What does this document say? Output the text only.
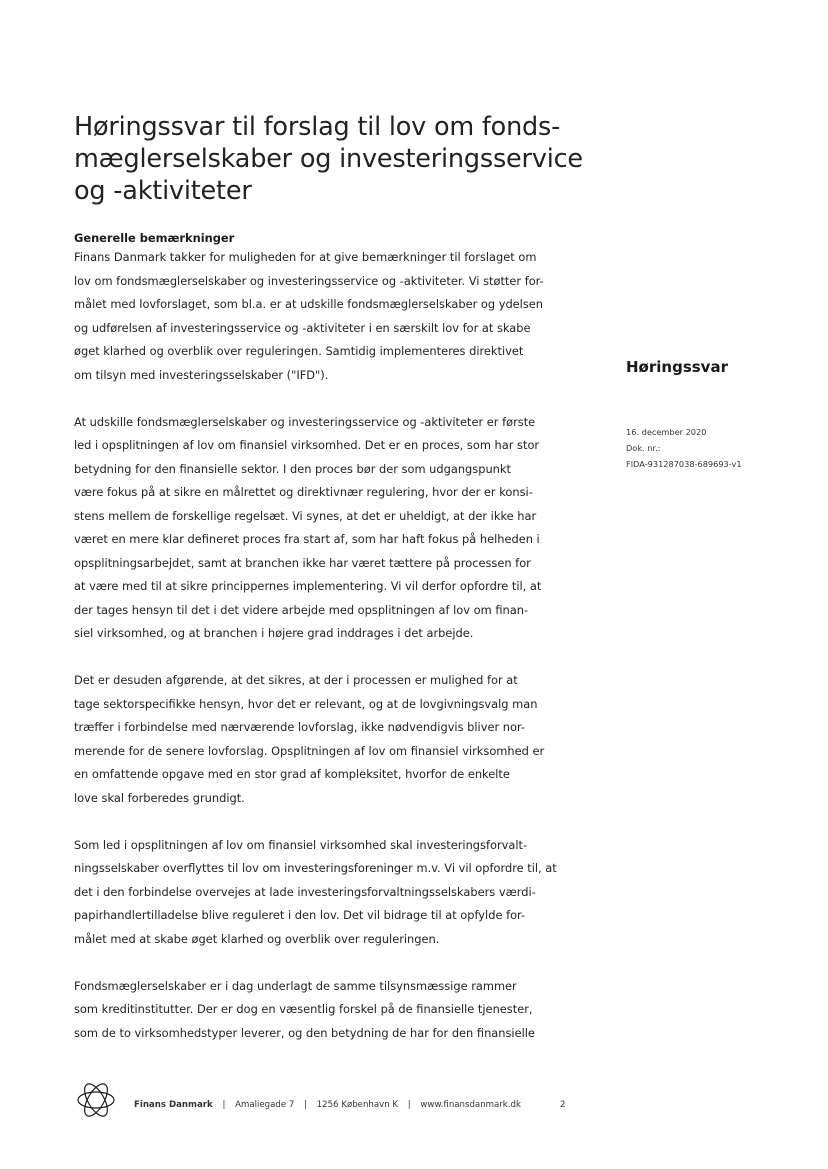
Høringssvar til forslag til lov om fonds-
mæglerselskaber og investeringsservice
og -aktiviteter

Generelle bemærkninger

Finans Danmark takker for muligheden for at give bemærkninger til forslaget om
lov om fondsmæglerselskaber og investeringsservice og -aktiviteter. Vi støtter for-
målet med lovforslaget, som bl.a. er at udskille fondsmæglerselskaber og ydelsen
og udførelsen af investeringsservice og -aktiviteter i en særskilt lov for at skabe
øget klarhed og overblik over reguleringen. Samtidig implementeres direktivet
om tilsyn med investeringsselskaber ("IFD").

At udskille fondsmæglerselskaber og investeringsservice og -aktiviteter er første
led i opsplitningen af lov om finansiel virksomhed. Det er en proces, som har stor
betydning for den finansielle sektor. I den proces bør der som udgangspunkt
være fokus på at sikre en målrettet og direktivnær regulering, hvor der er konsi-
stens mellem de forskellige regelsæt. Vi synes, at det er uheldigt, at der ikke har
været en mere klar defineret proces fra start af, som har haft fokus på helheden i
opsplitningsarbejdet, samt at branchen ikke har været tættere på processen for
at være med til at sikre princippernes implementering. Vi vil derfor opfordre til, at
der tages hensyn til det i det videre arbejde med opsplitningen af lov om finan-
siel virksomhed, og at branchen i højere grad inddrages i det arbejde.

Det er desuden afgørende, at det sikres, at der i processen er mulighed for at
tage sektorspecifikke hensyn, hvor det er relevant, og at de lovgivningsvalg man
træffer i forbindelse med nærværende lovforslag, ikke nødvendigvis bliver nor-
merende for de senere lovforslag. Opsplitningen af lov om finansiel virksomhed er
en omfattende opgave med en stor grad af kompleksitet, hvorfor de enkelte
love skal forberedes grundigt.

Som led i opsplitningen af lov om finansiel virksomhed skal investeringsforvalt-
ningsselskaber overflyttes til lov om investeringsforeninger m.v. Vi vil opfordre til, at
det i den forbindelse overvejes at lade investeringsforvaltningsselskabers værdi-
papirhandlertilladelse blive reguleret i den lov. Det vil bidrage til at opfylde for-
målet med at skabe øget klarhed og overblik over reguleringen.

Fondsmæglerselskaber er i dag underlagt de samme tilsynsmæssige rammer
som kreditinstitutter. Der er dog en væsentlig forskel på de finansielle tjenester,
som de to virksomhedstyper leverer, og den betydning de har for den finansielle

Høringssvar
16. december 2020
Dok. nr.:
FIDA-931287038-689693-v1
Finans Danmark | Amaliegade 7 | 1256 København K | www.finansdanmark.dk	2
